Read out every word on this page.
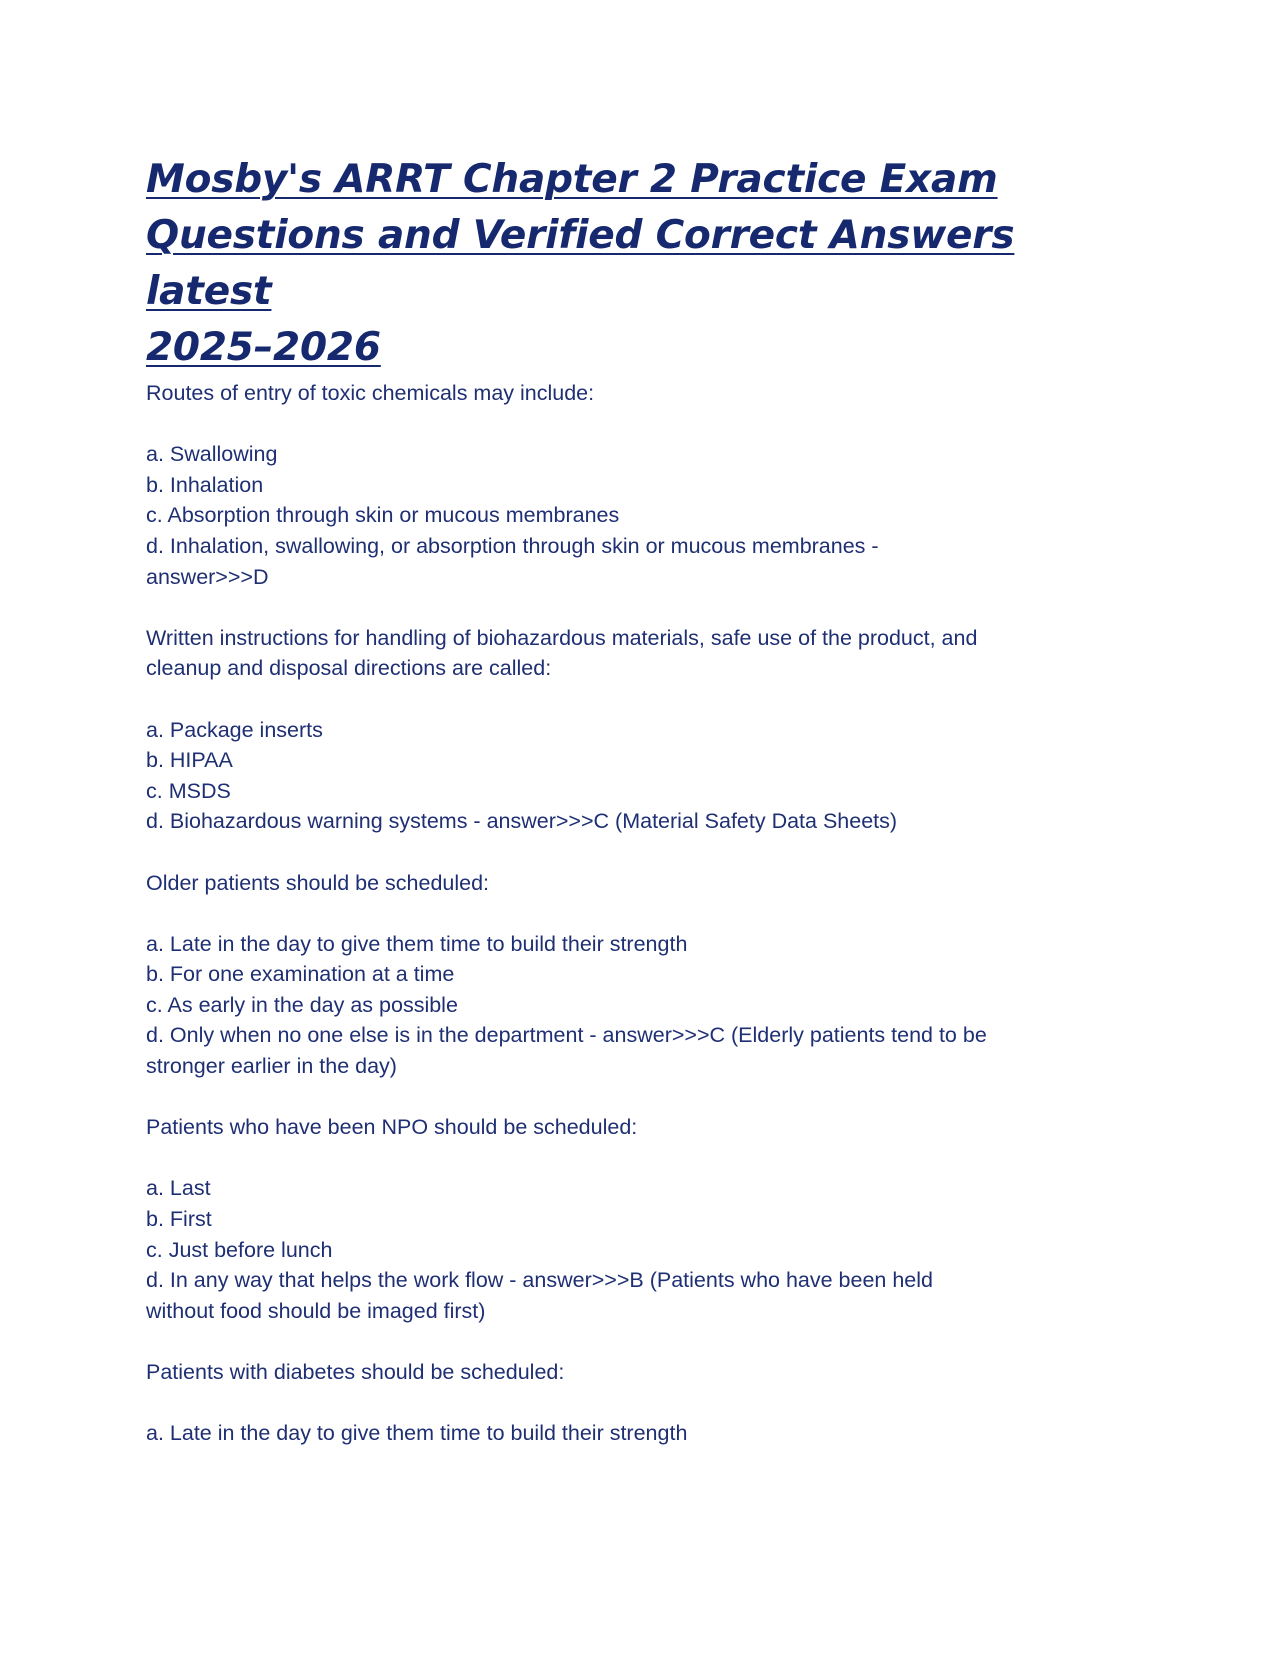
Mosby's ARRT Chapter 2 Practice Exam
Questions and Verified Correct Answers latest
2025–2026
Routes of entry of toxic chemicals may include:
a. Swallowing
b. Inhalation
c. Absorption through skin or mucous membranes
d. Inhalation, swallowing, or absorption through skin or mucous membranes - answer>>>D
Written instructions for handling of biohazardous materials, safe use of the product, and cleanup and disposal directions are called:
a. Package inserts
b. HIPAA
c. MSDS
d. Biohazardous warning systems - answer>>>C (Material Safety Data Sheets)
Older patients should be scheduled:
a. Late in the day to give them time to build their strength
b. For one examination at a time
c. As early in the day as possible
d. Only when no one else is in the department - answer>>>C (Elderly patients tend to be stronger earlier in the day)
Patients who have been NPO should be scheduled:
a. Last
b. First
c. Just before lunch
d. In any way that helps the work flow - answer>>>B (Patients who have been held without food should be imaged first)
Patients with diabetes should be scheduled:
a. Late in the day to give them time to build their strength
